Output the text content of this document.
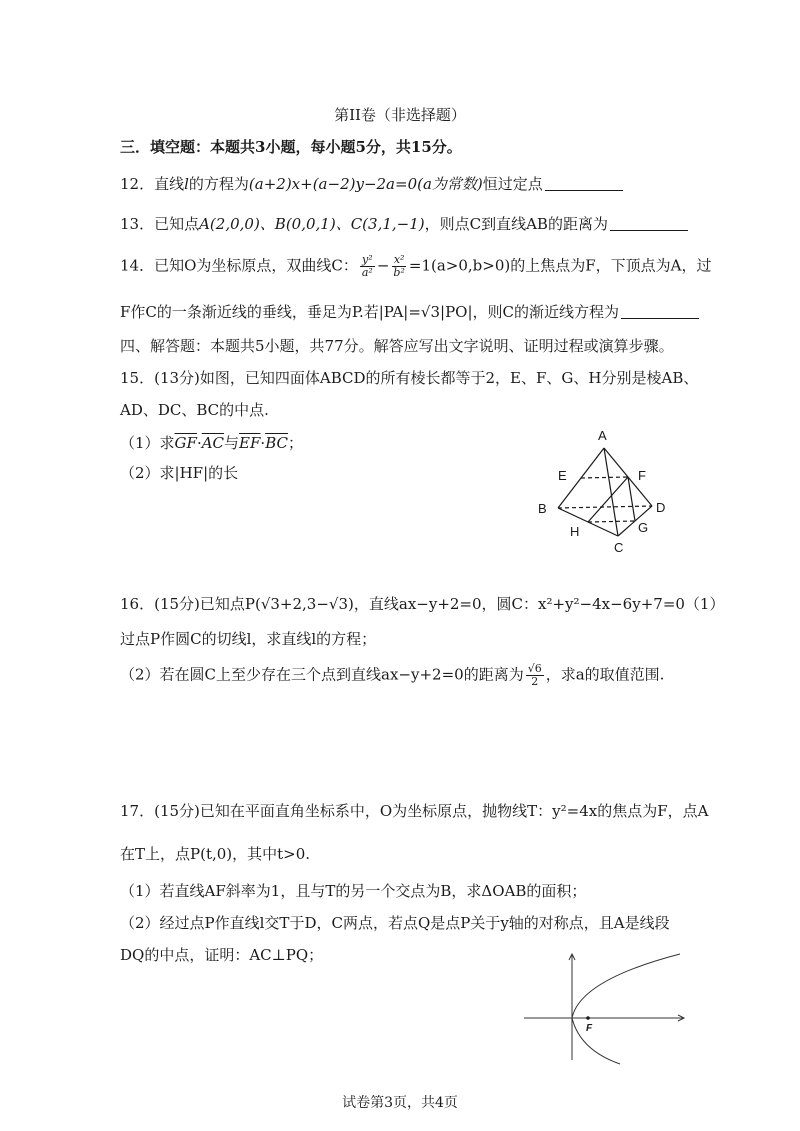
第II卷（非选择题）
三．填空题：本题共3小题，每小题5分，共15分。
12．直线l的方程为(a+2)x+(a−2)y−2a=0(a为常数)恒过定点
13．已知点A(2,0,0)、B(0,0,1)、C(3,1,−1)，则点C到直线AB的距离为
14．已知O为坐标原点，双曲线C： $\frac{\text{y²}}{\text{a²}} - \frac{\text{x²}}{\text{b²}} =1(a>0,b>0)$的上焦点为F，下顶点为A，过
F作C的一条渐近线的垂线，垂足为P.若|PA|=√3|PO|，则C的渐近线方程为
四、解答题：本题共5小题，共77分。解答应写出文字说明、证明过程或演算步骤。
15．(13分)如图，已知四面体ABCD的所有棱长都等于2，E、F、G、H分别是棱AB、
AD、DC、BC的中点.
（1）求$\overline{GF}\cdot\overline{AC}$与$\overline{EF}\cdot\overline{BC}$；
（2）求|HF|的长
A
E	F
B	D
G
H
C
16．(15分)已知点P(√3+2,3−√3)，直线ax−y+2=0，圆C：x²+y²−4x−6y+7=0（1）
过点P作圆C的切线l，求直线l的方程；
（2）若在圆C上至少存在三个点到直线ax−y+2=0的距离为 $\frac{√6}{2}$ ，求a的取值范围.
17．(15分)已知在平面直角坐标系中，O为坐标原点，抛物线T：y²=4x的焦点为F，点A
在T上，点P(t,0)，其中t>0.
（1）若直线AF斜率为1，且与T的另一个交点为B，求ΔOAB的面积；
（2）经过点P作直线l交T于D，C两点，若点Q是点P关于y轴的对称点，且A是线段
DQ的中点，证明：AC⊥PQ；
F
试卷第3页，共4页
